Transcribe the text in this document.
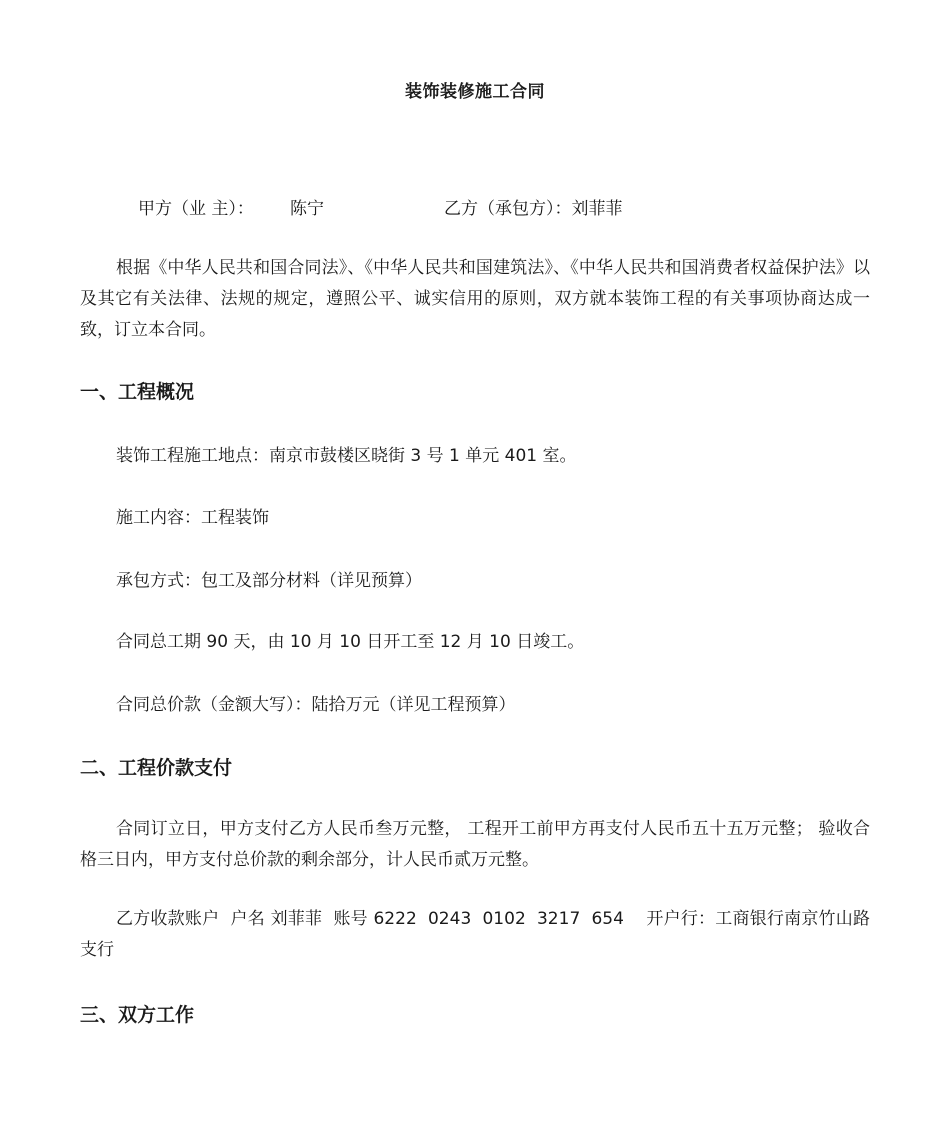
装饰装修施工合同
甲方（业 主）： 陈宁	乙方（承包方）：刘菲菲
根据《中华人民共和国合同法》、《中华人民共和国建筑法》、《中华人民共和国消费者权益保护法》以及其它有关法律、法规的规定，遵照公平、诚实信用的原则，双方就本装饰工程的有关事项协商达成一致，订立本合同。
一、工程概况
装饰工程施工地点：南京市鼓楼区晓街 3 号 1 单元 401 室。
施工内容：工程装饰
承包方式：包工及部分材料（详见预算）
合同总工期 90 天，由 10 月 10 日开工至 12 月 10 日竣工。
合同总价款（金额大写）：陆拾万元（详见工程预算）
二、工程价款支付
合同订立日，甲方支付乙方人民币叁万元整， 工程开工前甲方再支付人民币五十五万元整； 验收合格三日内，甲方支付总价款的剩余部分，计人民币贰万元整。
乙方收款账户  户名 刘菲菲  账号 6222  0243  0102  3217  654    开户行：工商银行南京竹山路支行
三、双方工作
